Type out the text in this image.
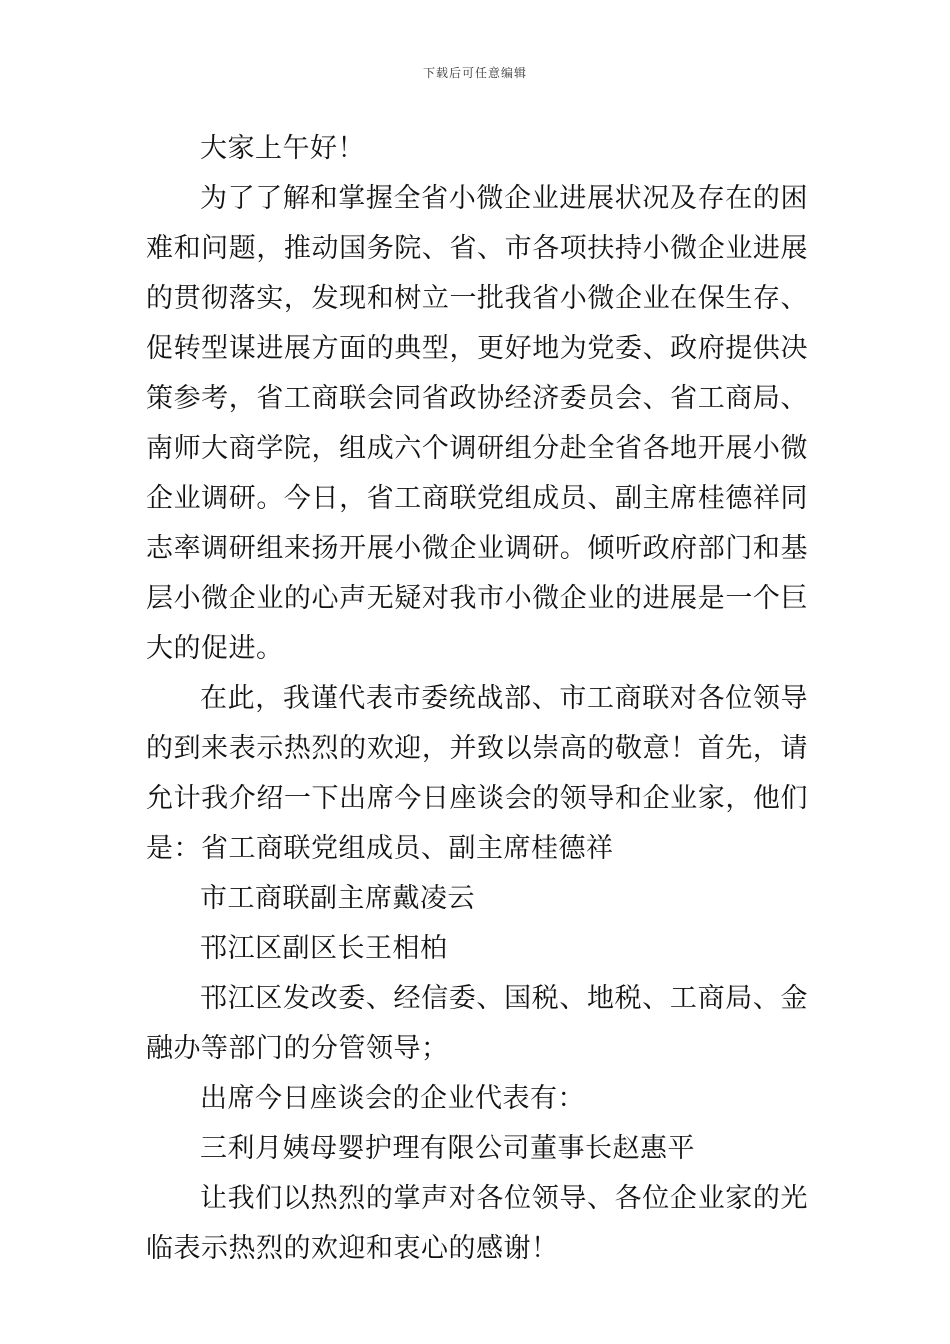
下载后可任意编辑

大家上午好！

为了了解和掌握全省小微企业进展状况及存在的困难和问题，推动国务院、省、市各项扶持小微企业进展的贯彻落实，发现和树立一批我省小微企业在保生存、促转型谋进展方面的典型，更好地为党委、政府提供决策参考，省工商联会同省政协经济委员会、省工商局、南师大商学院，组成六个调研组分赴全省各地开展小微企业调研。今日，省工商联党组成员、副主席桂德祥同志率调研组来扬开展小微企业调研。倾听政府部门和基层小微企业的心声无疑对我市小微企业的进展是一个巨大的促进。

在此，我谨代表市委统战部、市工商联对各位领导的到来表示热烈的欢迎，并致以崇高的敬意！首先，请允计我介绍一下出席今日座谈会的领导和企业家，他们是：省工商联党组成员、副主席桂德祥

市工商联副主席戴凌云

邗江区副区长王相柏

邗江区发改委、经信委、国税、地税、工商局、金融办等部门的分管领导；

出席今日座谈会的企业代表有：

三利月姨母婴护理有限公司董事长赵惠平

让我们以热烈的掌声对各位领导、各位企业家的光临表示热烈的欢迎和衷心的感谢！
